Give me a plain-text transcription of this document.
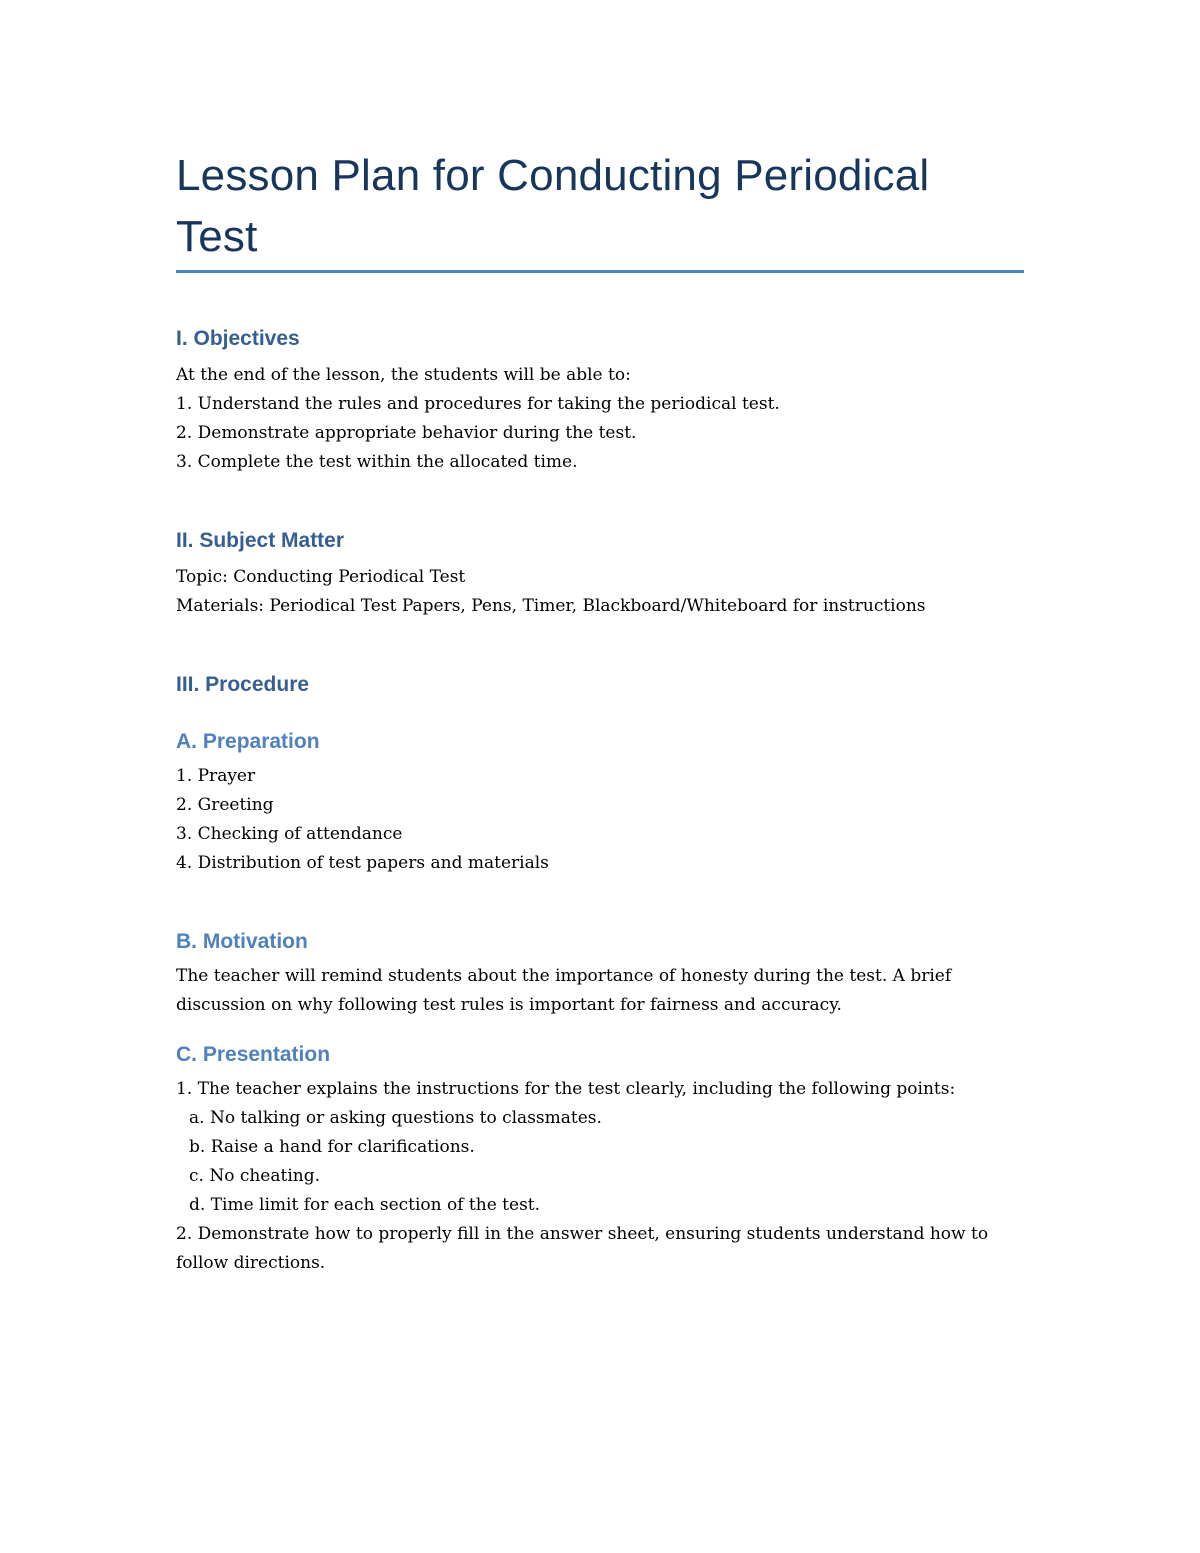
Lesson Plan for Conducting Periodical Test
I. Objectives
At the end of the lesson, the students will be able to:
1. Understand the rules and procedures for taking the periodical test.
2. Demonstrate appropriate behavior during the test.
3. Complete the test within the allocated time.
II. Subject Matter
Topic: Conducting Periodical Test
Materials: Periodical Test Papers, Pens, Timer, Blackboard/Whiteboard for instructions
III. Procedure
A. Preparation
1. Prayer
2. Greeting
3. Checking of attendance
4. Distribution of test papers and materials
B. Motivation
The teacher will remind students about the importance of honesty during the test. A brief discussion on why following test rules is important for fairness and accuracy.
C. Presentation
1. The teacher explains the instructions for the test clearly, including the following points:
a. No talking or asking questions to classmates.
b. Raise a hand for clarifications.
c. No cheating.
d. Time limit for each section of the test.
2. Demonstrate how to properly fill in the answer sheet, ensuring students understand how to follow directions.
